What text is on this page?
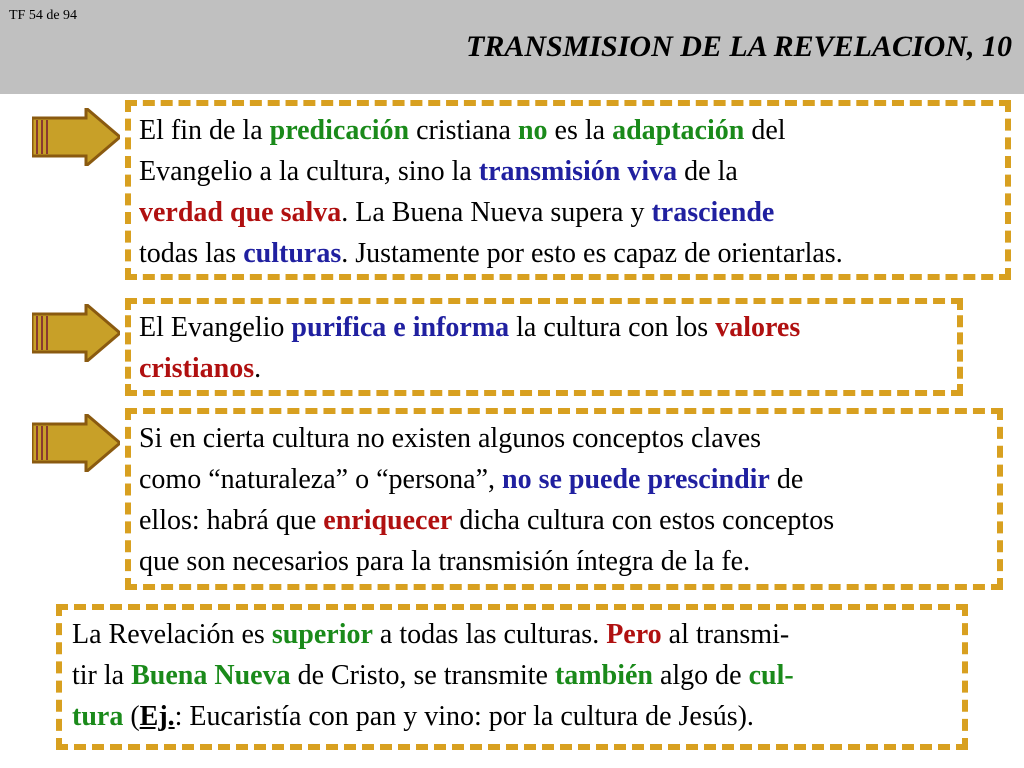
TF 54 de 94
TRANSMISION DE LA REVELACION, 10

El fin de la predicación cristiana no es la adaptación del
Evangelio a la cultura, sino la transmisión viva de la
verdad que salva. La Buena Nueva supera y trasciende
todas las culturas. Justamente por esto es capaz de orientarlas.

El Evangelio purifica e informa la cultura con los valores
cristianos.

Si en cierta cultura no existen algunos conceptos claves
como “naturaleza” o “persona”, no se puede prescindir de
ellos: habrá que enriquecer dicha cultura con estos conceptos
que son necesarios para la transmisión íntegra de la fe.

La Revelación es superior a todas las culturas. Pero al transmi-
tir la Buena Nueva de Cristo, se transmite también algo de cul-
tura (Ej.: Eucaristía con pan y vino: por la cultura de Jesús).
